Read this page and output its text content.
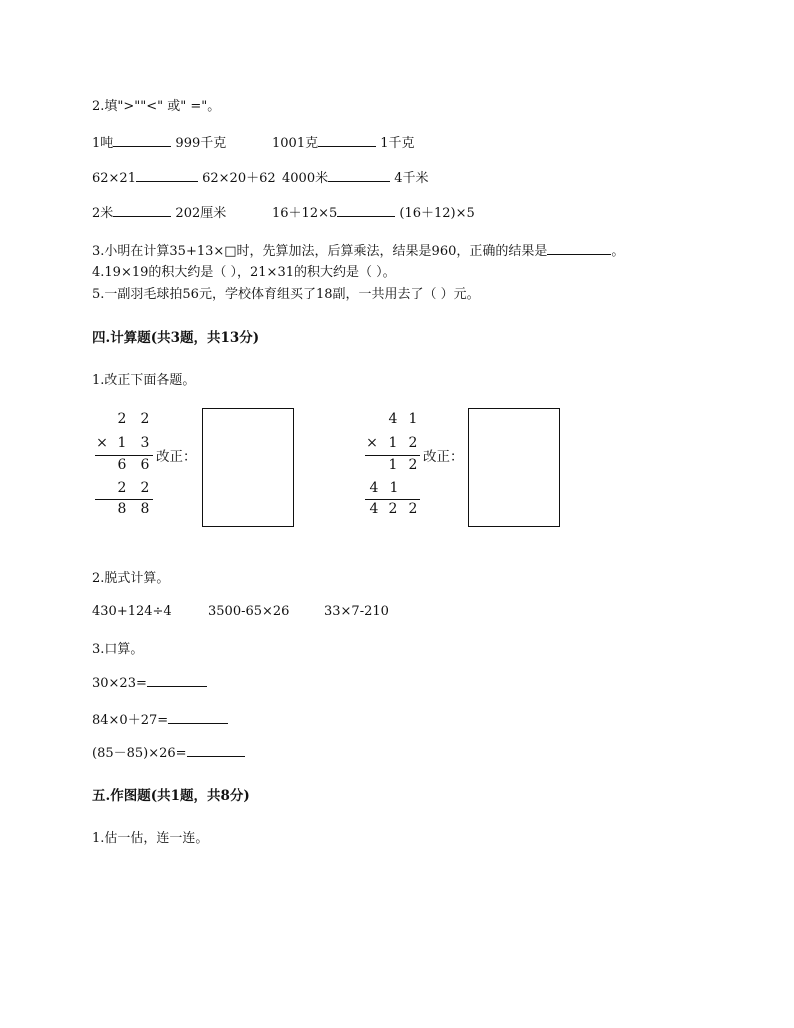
2.填">""<" 或" ="。
1吨	999千克	1001克	1千克
62×21	62×20＋62 4000米	4千米
2米	202厘米	16＋12×5	(16＋12)×5
3.小明在计算35+13×□时，先算加法，后算乘法，结果是960，正确的结果是	。
4.19×19的积大约是（ ），21×31的积大约是（ ）。
5.一副羽毛球拍56元，学校体育组买了18副，一共用去了（ ）元。
四.计算题(共3题，共13分)
1.改正下面各题。
2 2
× 1 3
6 6
2 2
8 8
改正：
4 1
× 1 2
1 2
4 1
4 2 2
改正：
2.脱式计算。
430+124÷4	3500-65×26	33×7-210
3.口算。
30×23=
84×0＋27=
(85－85)×26=
五.作图题(共1题，共8分)
1.估一估，连一连。
